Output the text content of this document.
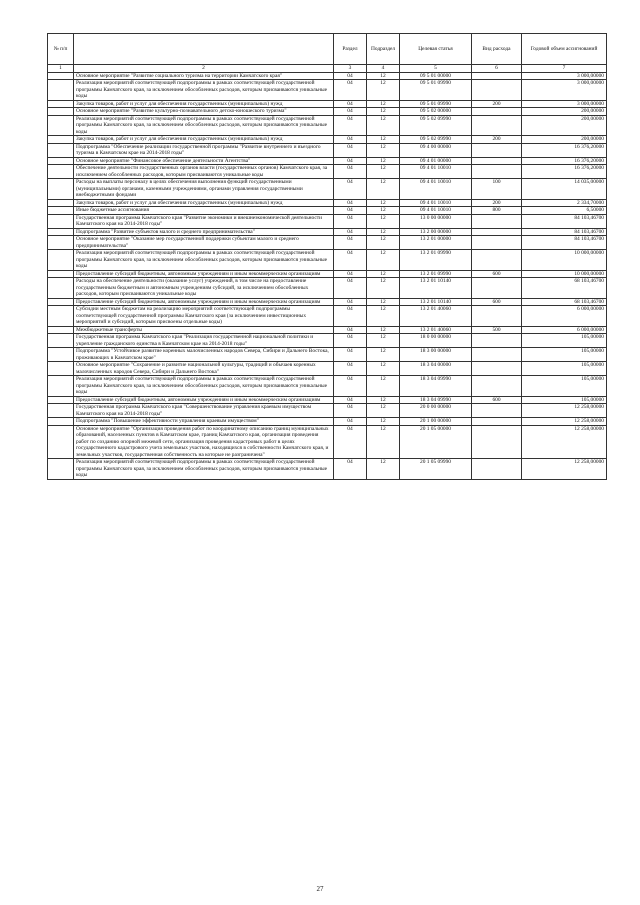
№ п/п		Раздел	Подраздел	Целевая статья	Вид расхода	Годовой объем ассигнований
1	2	3	4	5	6	7
	Основное мероприятие "Развитие социального туризма на территории Камчатского края"	04	12	09 5 01 00000		3 000,00000
	Реализация мероприятий соответствующей подпрограммы в рамках соответствующей государственной программы Камчатского края, за исключением обособленных расходов, которым присваиваются уникальные коды	04	12	09 5 01 09990		3 000,00000
	Закупка товаров, работ и услуг для обеспечения государственных (муниципальных) нужд	04	12	09 5 01 09990	200	3 000,00000
	Основное мероприятие "Развитие культурно-познавательного детско-юношеского туризма"	04	12	09 5 02 00000		200,00000
	Реализация мероприятий соответствующей подпрограммы в рамках соответствующей государственной программы Камчатского края, за исключением обособленных расходов, которым присваиваются уникальные коды	04	12	09 5 02 09990		200,00000
	Закупка товаров, работ и услуг для обеспечения государственных (муниципальных) нужд	04	12	09 5 02 09990	200	200,00000
	Подпрограмма "Обеспечение реализации государственной программы "Развитие внутреннего и въездного туризма в Камчатском крае на 2014-2018 годы"	04	12	09 4 00 00000		16 376,20000
	Основное мероприятие "Финансовое обеспечение деятельности Агентства"	04	12	09 4 01 00000		16 376,20000
	Обеспечение деятельности государственных органов власти (государственных органов) Камчатского края, за исключением обособленных расходов, которым присваиваются уникальные коды	04	12	09 4 01 10010		16 376,20000
	Расходы на выплаты персоналу в целях обеспечения выполнения функций государственными (муниципальными) органами, казенными учреждениями, органами управления государственными внебюджетными фондами	04	12	09 4 01 10010	100	14 035,00000
	Закупка товаров, работ и услуг для обеспечения государственных (муниципальных) нужд	04	12	09 4 01 10010	200	2 334,70000
	Иные бюджетные ассигнования	04	12	09 4 01 10010	800	6,50000
	Государственная программа Камчатского края "Развитие экономики и внешнеэкономической деятельности Камчатского края на 2014-2018 годы"	04	12	13 0 00 00000		84 103,46700
	Подпрограмма "Развитие субъектов малого и среднего предпринимательства"	04	12	13 2 00 00000		84 103,46700
	Основное мероприятие "Оказание мер государственной поддержки субъектам малого и среднего предпринимательства"	04	12	13 2 01 00000		84 103,46700
	Реализация мероприятий соответствующей подпрограммы в рамках соответствующей государственной программы Камчатского края, за исключением обособленных расходов, которым присваиваются уникальные коды	04	12	13 2 01 09990		10 000,00000
	Предоставление субсидий бюджетным, автономным учреждениям и иным некоммерческим организациям	04	12	13 2 01 09990	600	10 000,00000
	Расходы на обеспечение деятельности (оказание услуг) учреждений, в том числе на предоставление государственным бюджетным и автономным учреждениям субсидий, за исключением обособленных расходов, которым присваиваются уникальные коды	04	12	13 2 01 10140		68 103,46700
	Предоставление субсидий бюджетным, автономным учреждениям и иным некоммерческим организациям	04	12	13 2 01 10140	600	68 103,46700
	Субсидии местным бюджетам на реализацию мероприятий соответствующей подпрограммы соответствующей государственной программы Камчатского края (за исключением инвестиционных мероприятий и субсидий, которым присвоены отдельные коды)	04	12	13 2 01 40060		6 000,00000
	Межбюджетные трансферты	04	12	13 2 01 40060	500	6 000,00000
	Государственная программа Камчатского края "Реализация государственной национальной политики и укрепление гражданского единства в Камчатском крае на 2014-2018 годы"	04	12	18 0 00 00000		105,00000
	Подпрограмма "Устойчивое развитие коренных малочисленных народов Севера, Сибири и Дальнего Востока, проживающих в Камчатском крае"	04	12	18 3 00 00000		105,00000
	Основное мероприятие "Сохранение и развитие национальной культуры, традиций и обычаев коренных малочисленных народов Севера, Сибири и Дальнего Востока"	04	12	18 3 04 00000		105,00000
	Реализация мероприятий соответствующей подпрограммы в рамках соответствующей государственной программы Камчатского края, за исключением обособленных расходов, которым присваиваются уникальные коды	04	12	18 3 04 09990		105,00000
	Предоставление субсидий бюджетным, автономным учреждениям и иным некоммерческим организациям	04	12	18 3 04 09990	600	105,00000
	Государственная программа Камчатского края "Совершенствование управления краевым имуществом Камчатского края на 2014-2018 годы"	04	12	20 0 00 00000		12 258,00000
	Подпрограмма "Повышение эффективности управления краевым имуществом"	04	12	20 1 00 00000		12 258,00000
	Основное мероприятие "Организация проведения работ по координатному описанию границ муниципальных образований, населенных пунктов в Камчатском крае, границ Камчатского края, организация проведения работ по созданию опорной межевой сети, организация проведения кадастровых работ в целях государственного кадастрового учета земельных участков, находящихся в собственности Камчатского края, и земельных участков, государственная собственность на которые не разграничена"	04	12	20 1 05 00000		12 258,00000
	Реализация мероприятий соответствующей подпрограммы в рамках соответствующей государственной программы Камчатского края, за исключением обособленных расходов, которым присваиваются уникальные коды	04	12	20 1 05 09990		12 258,00000
27
